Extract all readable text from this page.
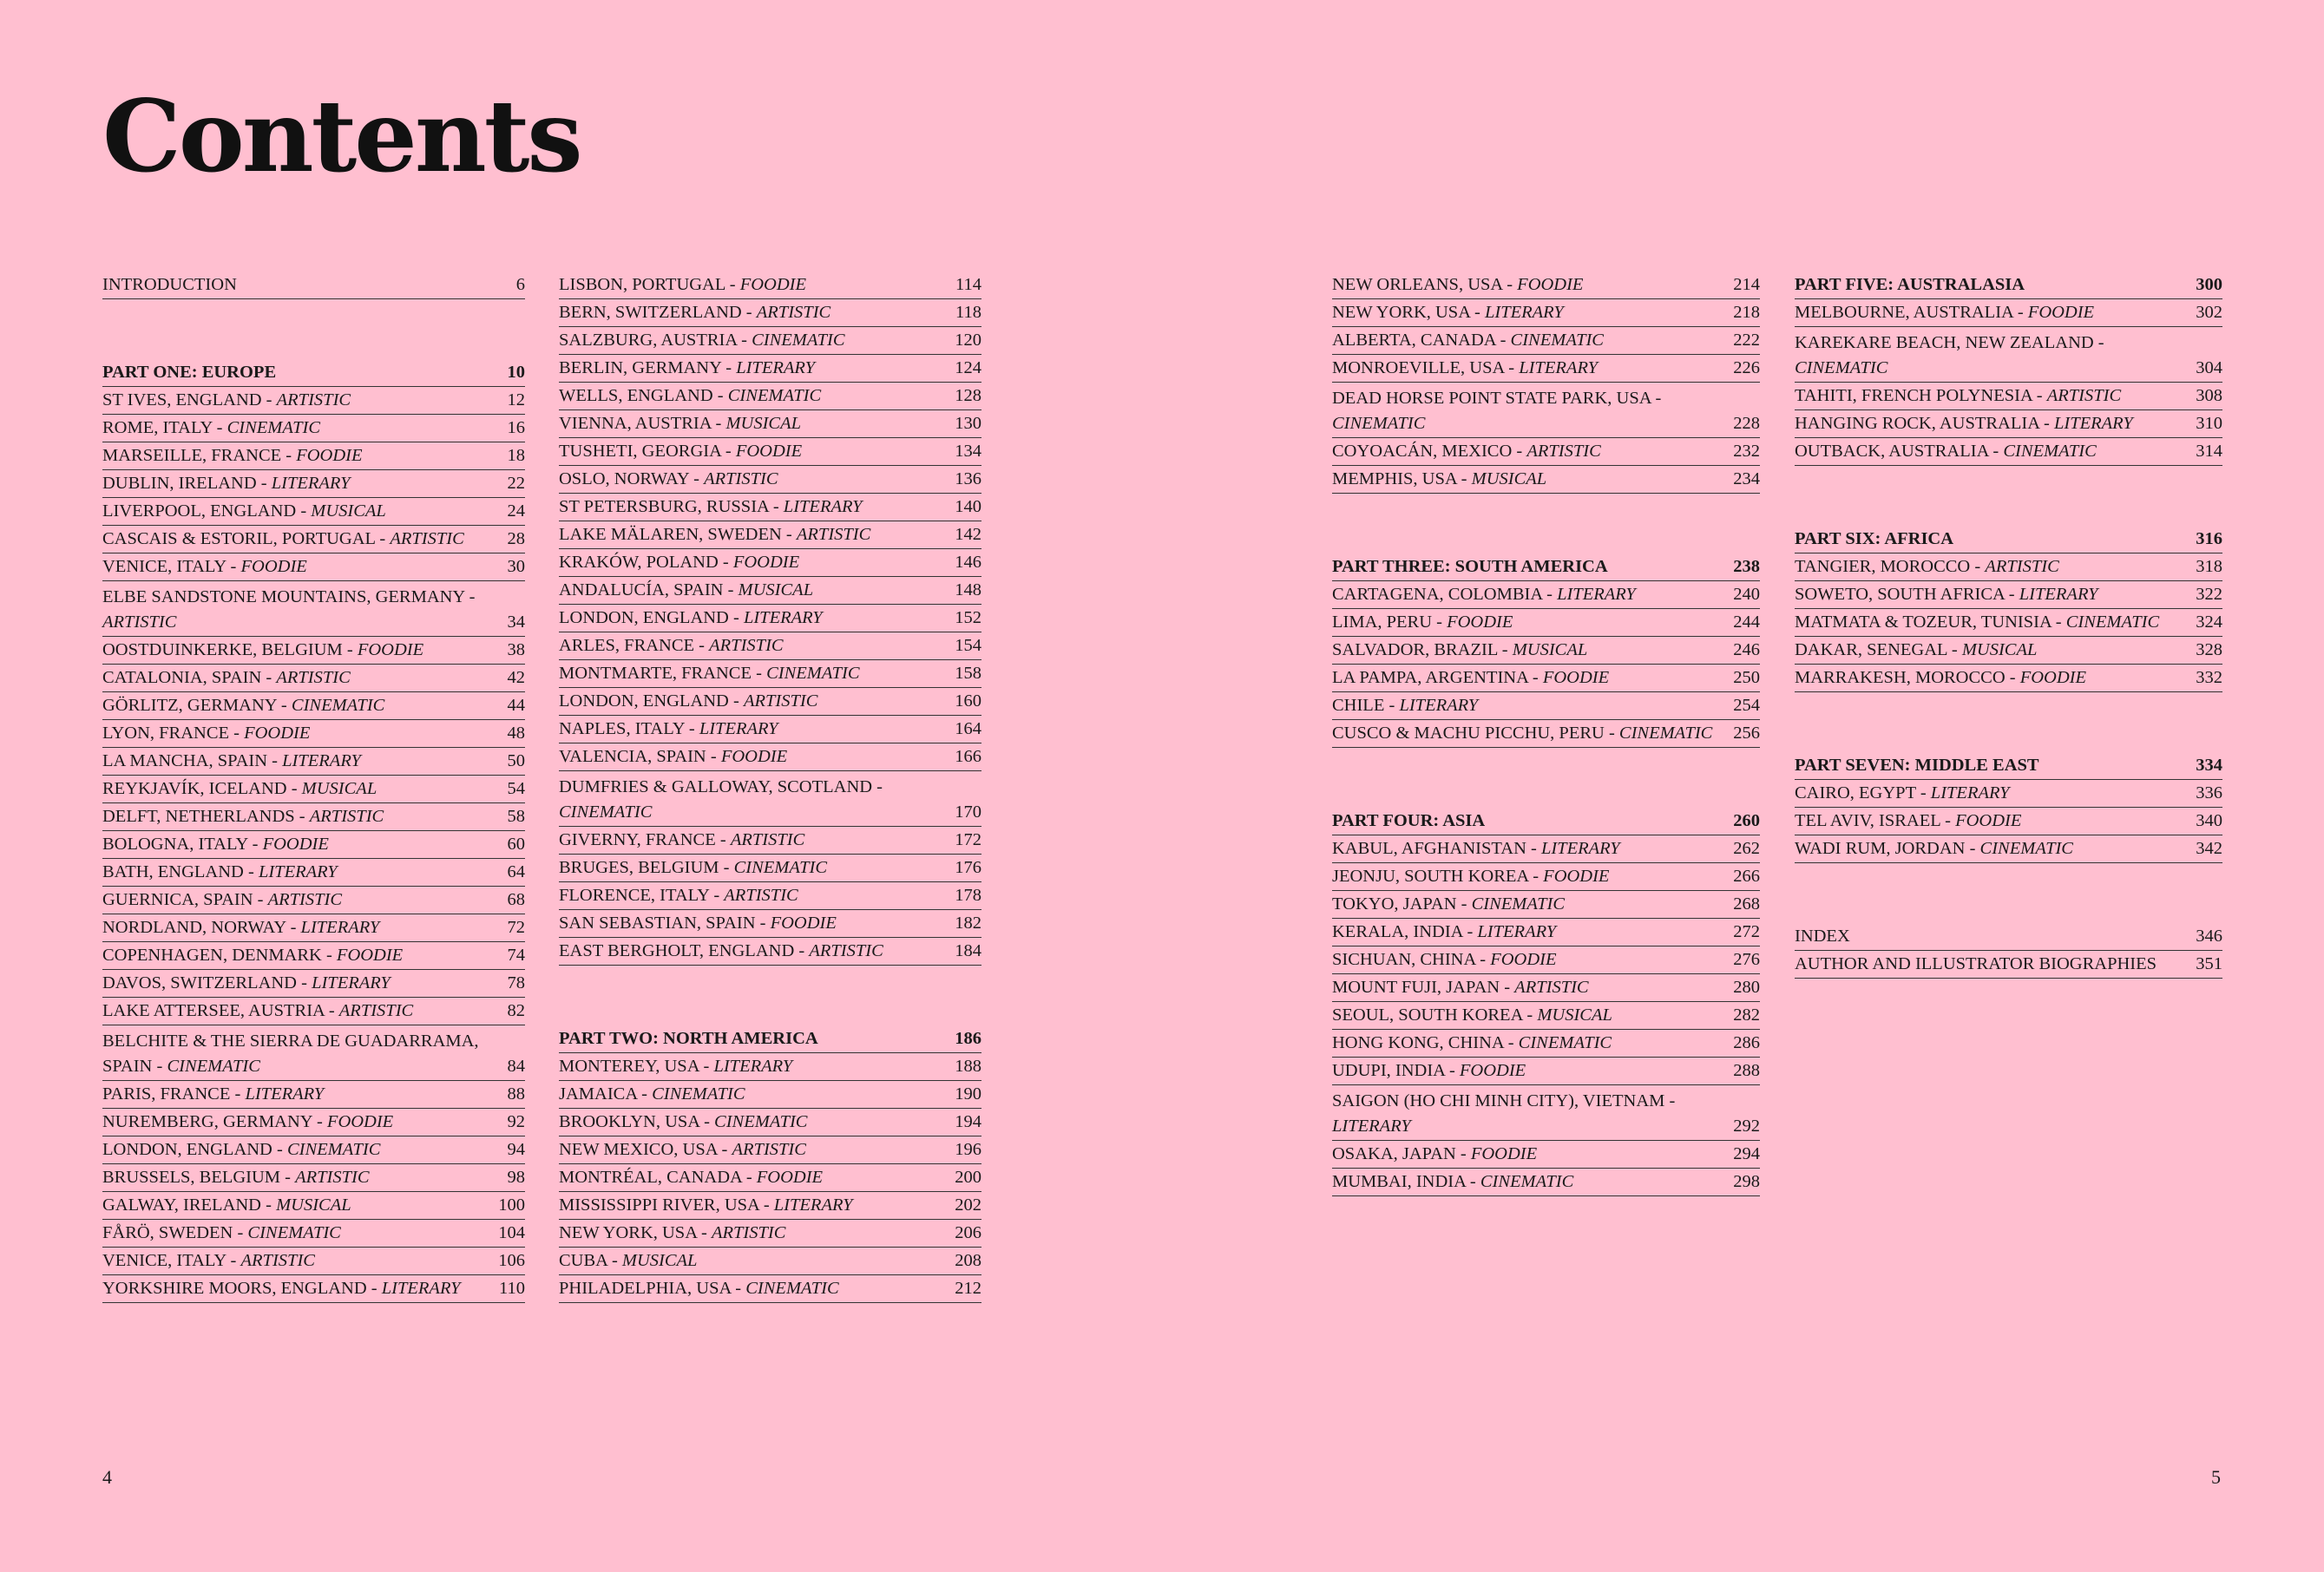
Contents
INTRODUCTION	6
PART ONE: EUROPE	10
ST IVES, ENGLAND - ARTISTIC	12
ROME, ITALY - CINEMATIC	16
MARSEILLE, FRANCE - FOODIE	18
DUBLIN, IRELAND - LITERARY	22
LIVERPOOL, ENGLAND - MUSICAL	24
CASCAIS & ESTORIL, PORTUGAL - ARTISTIC	28
VENICE, ITALY - FOODIE	30
ELBE SANDSTONE MOUNTAINS, GERMANY - ARTISTIC	34
OOSTDUINKERKE, BELGIUM - FOODIE	38
CATALONIA, SPAIN - ARTISTIC	42
GÖRLITZ, GERMANY - CINEMATIC	44
LYON, FRANCE - FOODIE	48
LA MANCHA, SPAIN - LITERARY	50
REYKJAVÍK, ICELAND - MUSICAL	54
DELFT, NETHERLANDS - ARTISTIC	58
BOLOGNA, ITALY - FOODIE	60
BATH, ENGLAND - LITERARY	64
GUERNICA, SPAIN - ARTISTIC	68
NORDLAND, NORWAY - LITERARY	72
COPENHAGEN, DENMARK - FOODIE	74
DAVOS, SWITZERLAND - LITERARY	78
LAKE ATTERSEE, AUSTRIA - ARTISTIC	82
BELCHITE & THE SIERRA DE GUADARRAMA, SPAIN - CINEMATIC	84
PARIS, FRANCE - LITERARY	88
NUREMBERG, GERMANY - FOODIE	92
LONDON, ENGLAND - CINEMATIC	94
BRUSSELS, BELGIUM - ARTISTIC	98
GALWAY, IRELAND - MUSICAL	100
FÅRÖ, SWEDEN - CINEMATIC	104
VENICE, ITALY - ARTISTIC	106
YORKSHIRE MOORS, ENGLAND - LITERARY	110
LISBON, PORTUGAL - FOODIE	114
BERN, SWITZERLAND - ARTISTIC	118
SALZBURG, AUSTRIA - CINEMATIC	120
BERLIN, GERMANY - LITERARY	124
WELLS, ENGLAND - CINEMATIC	128
VIENNA, AUSTRIA - MUSICAL	130
TUSHETI, GEORGIA - FOODIE	134
OSLO, NORWAY - ARTISTIC	136
ST PETERSBURG, RUSSIA - LITERARY	140
LAKE MÄLAREN, SWEDEN - ARTISTIC	142
KRAKÓW, POLAND - FOODIE	146
ANDALUCÍA, SPAIN - MUSICAL	148
LONDON, ENGLAND - LITERARY	152
ARLES, FRANCE - ARTISTIC	154
MONTMARTE, FRANCE - CINEMATIC	158
LONDON, ENGLAND - ARTISTIC	160
NAPLES, ITALY - LITERARY	164
VALENCIA, SPAIN - FOODIE	166
DUMFRIES & GALLOWAY, SCOTLAND - CINEMATIC	170
GIVERNY, FRANCE - ARTISTIC	172
BRUGES, BELGIUM - CINEMATIC	176
FLORENCE, ITALY - ARTISTIC	178
SAN SEBASTIAN, SPAIN - FOODIE	182
EAST BERGHOLT, ENGLAND - ARTISTIC	184
PART TWO: NORTH AMERICA	186
MONTEREY, USA - LITERARY	188
JAMAICA - CINEMATIC	190
BROOKLYN, USA - CINEMATIC	194
NEW MEXICO, USA - ARTISTIC	196
MONTRÉAL, CANADA - FOODIE	200
MISSISSIPPI RIVER, USA - LITERARY	202
NEW YORK, USA - ARTISTIC	206
CUBA - MUSICAL	208
PHILADELPHIA, USA - CINEMATIC	212
NEW ORLEANS, USA - FOODIE	214
NEW YORK, USA - LITERARY	218
ALBERTA, CANADA - CINEMATIC	222
MONROEVILLE, USA - LITERARY	226
DEAD HORSE POINT STATE PARK, USA - CINEMATIC	228
COYOACÁN, MEXICO - ARTISTIC	232
MEMPHIS, USA - MUSICAL	234
PART THREE: SOUTH AMERICA	238
CARTAGENA, COLOMBIA - LITERARY	240
LIMA, PERU - FOODIE	244
SALVADOR, BRAZIL - MUSICAL	246
LA PAMPA, ARGENTINA - FOODIE	250
CHILE - LITERARY	254
CUSCO & MACHU PICCHU, PERU - CINEMATIC	256
PART FOUR: ASIA	260
KABUL, AFGHANISTAN - LITERARY	262
JEONJU, SOUTH KOREA - FOODIE	266
TOKYO, JAPAN - CINEMATIC	268
KERALA, INDIA - LITERARY	272
SICHUAN, CHINA - FOODIE	276
MOUNT FUJI, JAPAN - ARTISTIC	280
SEOUL, SOUTH KOREA - MUSICAL	282
HONG KONG, CHINA - CINEMATIC	286
UDUPI, INDIA - FOODIE	288
SAIGON (HO CHI MINH CITY), VIETNAM - LITERARY	292
OSAKA, JAPAN - FOODIE	294
MUMBAI, INDIA - CINEMATIC	298
PART FIVE: AUSTRALASIA	300
MELBOURNE, AUSTRALIA - FOODIE	302
KAREKARE BEACH, NEW ZEALAND - CINEMATIC	304
TAHITI, FRENCH POLYNESIA - ARTISTIC	308
HANGING ROCK, AUSTRALIA - LITERARY	310
OUTBACK, AUSTRALIA - CINEMATIC	314
PART SIX: AFRICA	316
TANGIER, MOROCCO - ARTISTIC	318
SOWETO, SOUTH AFRICA - LITERARY	322
MATMATA & TOZEUR, TUNISIA - CINEMATIC	324
DAKAR, SENEGAL - MUSICAL	328
MARRAKESH, MOROCCO - FOODIE	332
PART SEVEN: MIDDLE EAST	334
CAIRO, EGYPT - LITERARY	336
TEL AVIV, ISRAEL - FOODIE	340
WADI RUM, JORDAN - CINEMATIC	342
INDEX	346
AUTHOR AND ILLUSTRATOR BIOGRAPHIES	351
4	5
